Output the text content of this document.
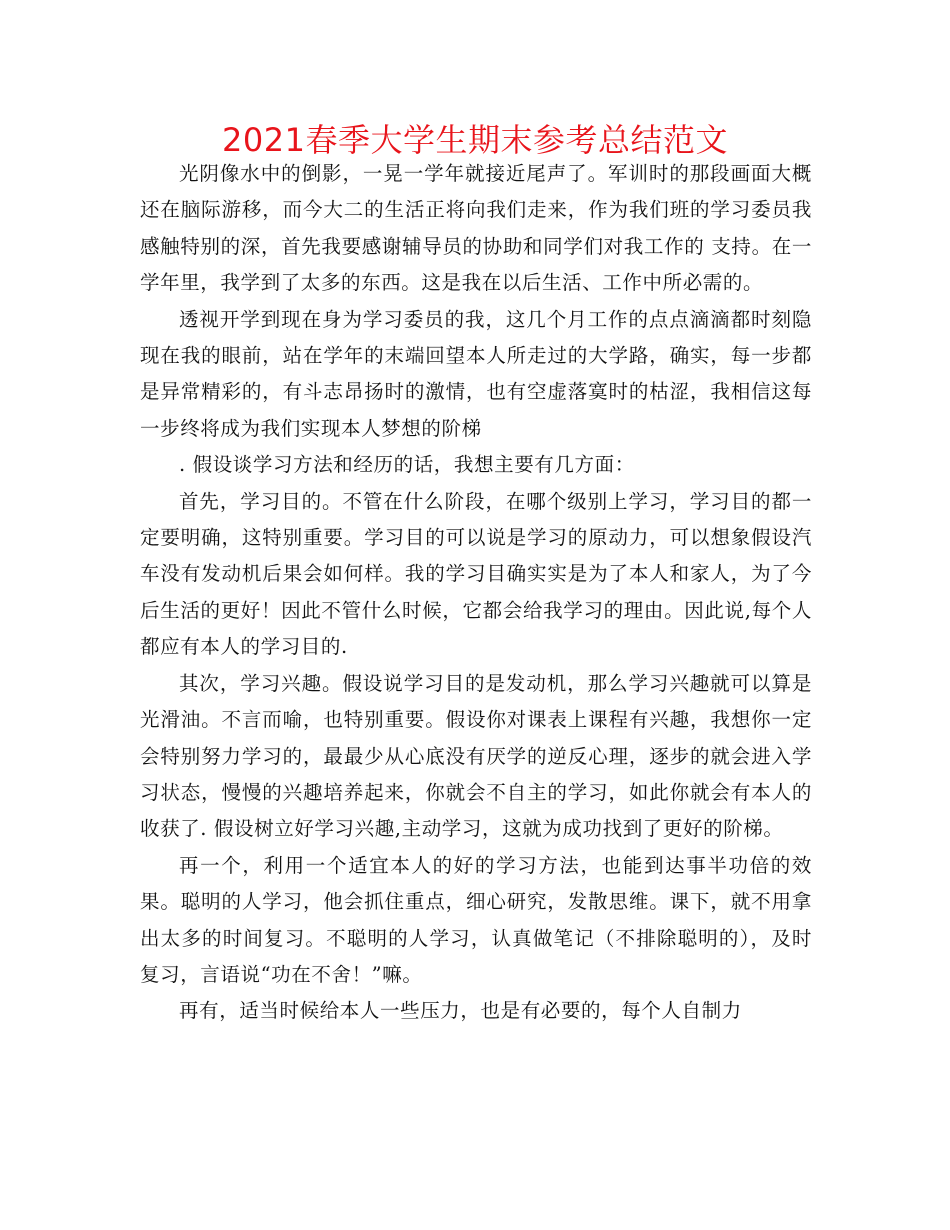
2021春季大学生期末参考总结范文

光阴像水中的倒影，一晃一学年就接近尾声了。军训时的那段画面大概还在脑际游移，而今大二的生活正将向我们走来，作为我们班的学习委员我感触特别的深，首先我要感谢辅导员的协助和同学们对我工作的 支持。在一学年里，我学到了太多的东西。这是我在以后生活、工作中所必需的。

透视开学到现在身为学习委员的我，这几个月工作的点点滴滴都时刻隐现在我的眼前，站在学年的末端回望本人所走过的大学路，确实，每一步都是异常精彩的，有斗志昂扬时的激情，也有空虚落寞时的枯涩，我相信这每一步终将成为我们实现本人梦想的阶梯

. 假设谈学习方法和经历的话，我想主要有几方面：

首先，学习目的。不管在什么阶段，在哪个级别上学习，学习目的都一定要明确，这特别重要。学习目的可以说是学习的原动力，可以想象假设汽车没有发动机后果会如何样。我的学习目确实实是为了本人和家人，为了今后生活的更好！因此不管什么时候，它都会给我学习的理由。因此说,每个人都应有本人的学习目的.

其次，学习兴趣。假设说学习目的是发动机，那么学习兴趣就可以算是光滑油。不言而喻，也特别重要。假设你对课表上课程有兴趣，我想你一定会特别努力学习的，最最少从心底没有厌学的逆反心理，逐步的就会进入学习状态，慢慢的兴趣培养起来，你就会不自主的学习，如此你就会有本人的收获了. 假设树立好学习兴趣,主动学习，这就为成功找到了更好的阶梯。

再一个，利用一个适宜本人的好的学习方法，也能到达事半功倍的效果。聪明的人学习，他会抓住重点，细心研究，发散思维。课下，就不用拿出太多的时间复习。不聪明的人学习，认真做笔记（不排除聪明的），及时复习，言语说“功在不舍！”嘛。

再有，适当时候给本人一些压力，也是有必要的，每个人自制力
